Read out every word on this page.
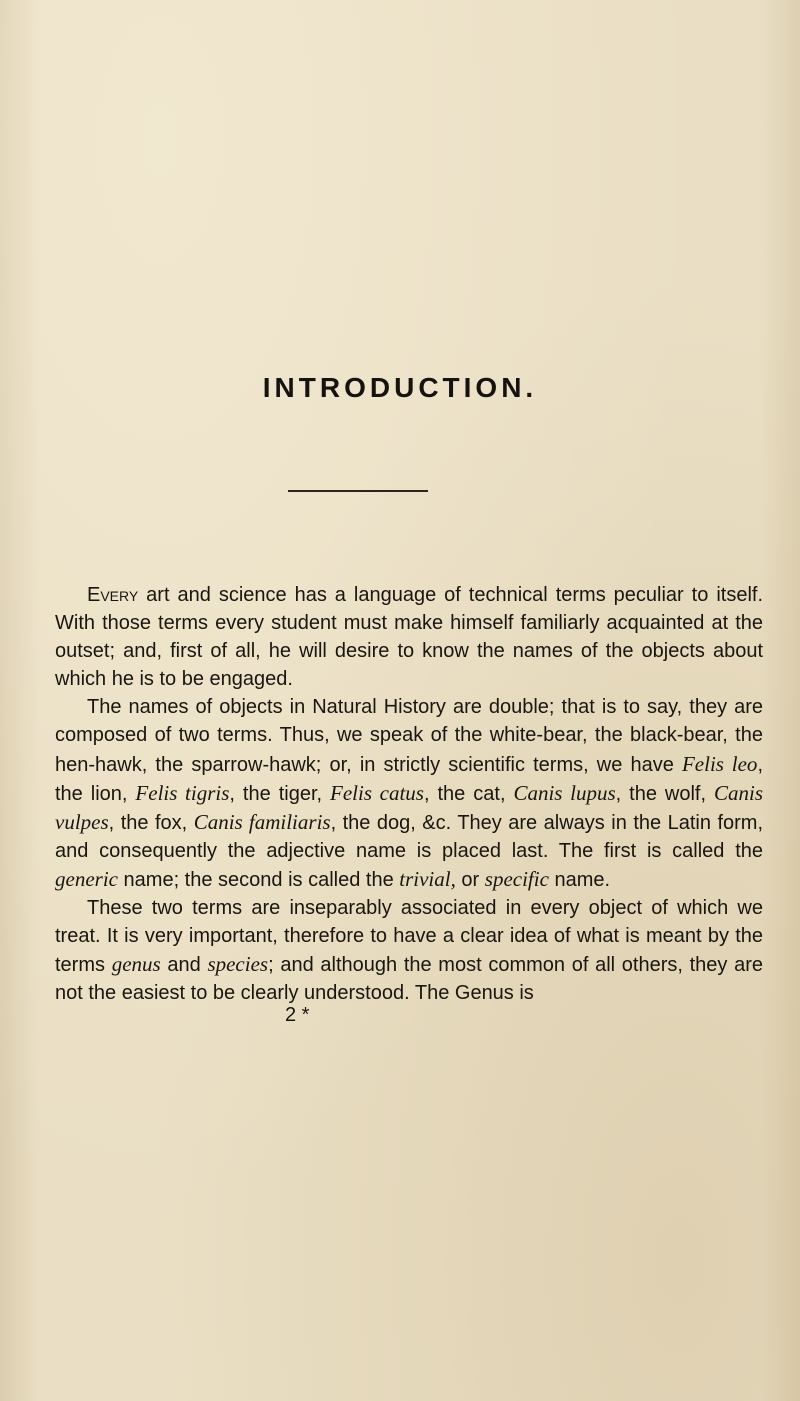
INTRODUCTION.

Every art and science has a language of technical terms peculiar to itself. With those terms every student must make himself familiarly acquainted at the outset; and, first of all, he will desire to know the names of the objects about which he is to be engaged.

The names of objects in Natural History are double; that is to say, they are composed of two terms. Thus, we speak of the white-bear, the black-bear, the hen-hawk, the sparrow-hawk; or, in strictly scientific terms, we have Felis leo, the lion, Felis tigris, the tiger, Felis catus, the cat, Canis lupus, the wolf, Canis vulpes, the fox, Canis familiaris, the dog, &c. They are always in the Latin form, and consequently the adjective name is placed last. The first is called the generic name; the second is called the trivial, or specific name.

These two terms are inseparably associated in every object of which we treat. It is very important, therefore to have a clear idea of what is meant by the terms genus and species; and although the most common of all others, they are not the easiest to be clearly understood. The Genus is

2 *
